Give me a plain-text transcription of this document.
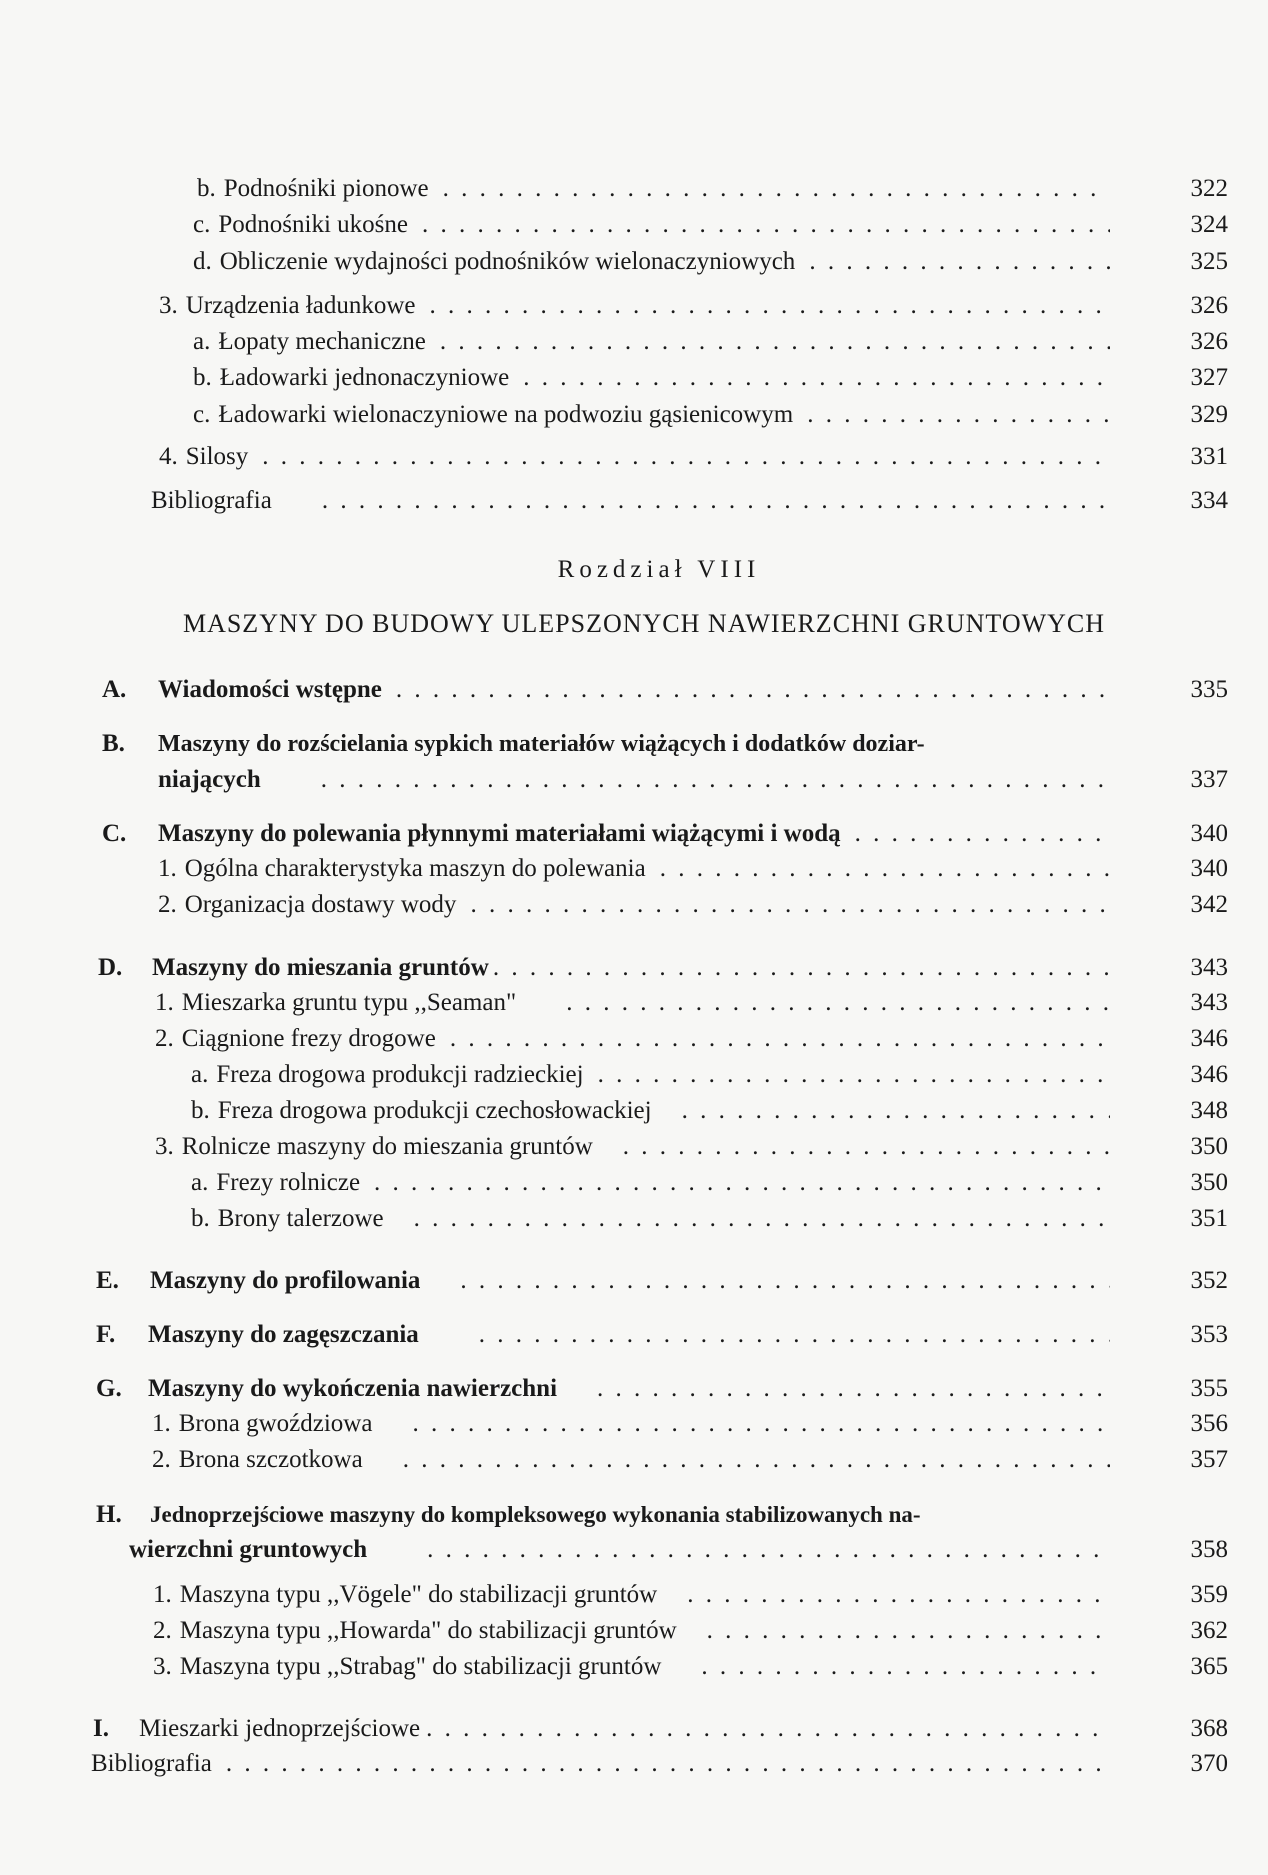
b. Podnośniki pionowe . . .	322
c. Podnośniki ukośne . . .	324
d. Obliczenie wydajności podnośników wielonaczyniowych . . .	325
3. Urządzenia ładunkowe . . .	326
a. Łopaty mechaniczne . . .	326
b. Ładowarki jednonaczyniowe . . .	327
c. Ładowarki wielonaczyniowe na podwoziu gąsienicowym . . .	329
4. Silosy . . .	331
Bibliografia . . .	334
Rozdział VIII
MASZYNY DO BUDOWY ULEPSZONYCH NAWIERZCHNI GRUNTOWYCH
A.	Wiadomości wstępne . . .	335
B.	Maszyny do rozścielania sypkich materiałów wiążących i dodatków doziar-
niających . . .	337
C.	Maszyny do polewania płynnymi materiałami wiążącymi i wodą . . .	340
1. Ogólna charakterystyka maszyn do polewania . . .	340
2. Organizacja dostawy wody . . .	342
D.	Maszyny do mieszania gruntów . . .	343
1. Mieszarka gruntu typu ,,Seaman" . . .	343
2. Ciągnione frezy drogowe . . .	346
a. Freza drogowa produkcji radzieckiej . . .	346
b. Freza drogowa produkcji czechosłowackiej . . .	348
3. Rolnicze maszyny do mieszania gruntów . . .	350
a. Frezy rolnicze . . .	350
b. Brony talerzowe . . .	351
E.	Maszyny do profilowania . . .	352
F.	Maszyny do zagęszczania . . .	353
G.	Maszyny do wykończenia nawierzchni . . .	355
1. Brona gwoździowa . . .	356
2. Brona szczotkowa . . .	357
H.	Jednoprzejściowe maszyny do kompleksowego wykonania stabilizowanych na-
wierzchni gruntowych . . .	358
1. Maszyna typu ,,Vögele" do stabilizacji gruntów . . .	359
2. Maszyna typu ,,Howarda" do stabilizacji gruntów . . .	362
3. Maszyna typu ,,Strabag" do stabilizacji gruntów . . .	365
I.	Mieszarki jednoprzejściowe . . .	368
Bibliografia . . .	370
